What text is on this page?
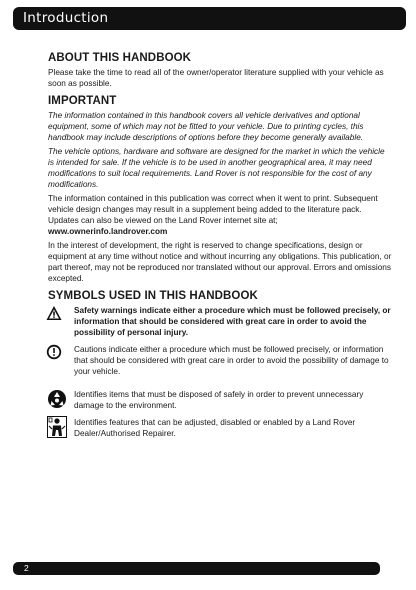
Introduction
ABOUT THIS HANDBOOK

Please take the time to read all of the owner/operator literature supplied with your vehicle as soon as possible.

IMPORTANT

The information contained in this handbook covers all vehicle derivatives and optional equipment, some of which may not be fitted to your vehicle. Due to printing cycles, this handbook may include descriptions of options before they become generally available.

The vehicle options, hardware and software are designed for the market in which the vehicle is intended for sale. If the vehicle is to be used in another geographical area, it may need modifications to suit local requirements. Land Rover is not responsible for the cost of any modifications.

The information contained in this publication was correct when it went to print. Subsequent vehicle design changes may result in a supplement being added to the literature pack. Updates can also be viewed on the Land Rover internet site at; www.ownerinfo.landrover.com

In the interest of development, the right is reserved to change specifications, design or equipment at any time without notice and without incurring any obligations. This publication, or part thereof, may not be reproduced nor translated without our approval. Errors and omissions excepted.

SYMBOLS USED IN THIS HANDBOOK

Safety warnings indicate either a procedure which must be followed precisely, or information that should be considered with great care in order to avoid the possibility of personal injury.

Cautions indicate either a procedure which must be followed precisely, or information that should be considered with great care in order to avoid the possibility of damage to your vehicle.

Identifies items that must be disposed of safely in order to prevent unnecessary damage to the environment.

Identifies features that can be adjusted, disabled or enabled by a Land Rover Dealer/Authorised Repairer.

2
